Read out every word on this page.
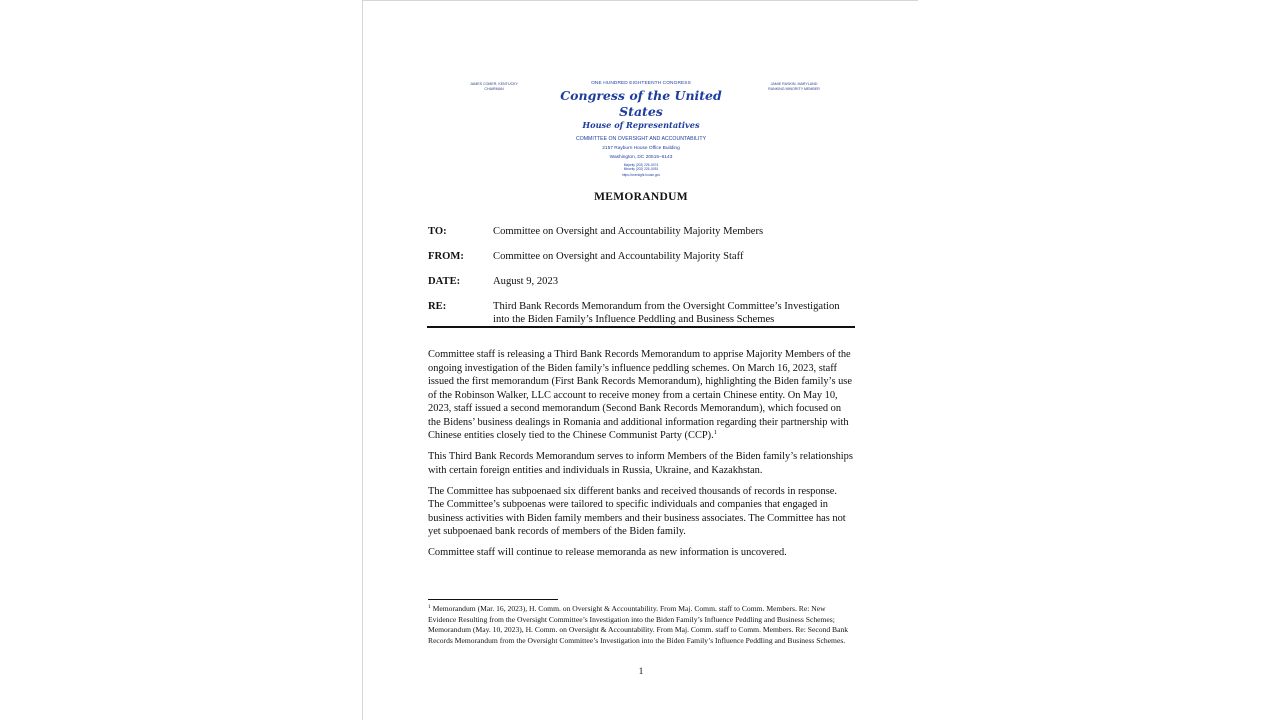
JAMES COMER, KENTUCKY
CHAIRMAN
ONE HUNDRED EIGHTEENTH CONGRESS
Congress of the United States
House of Representatives
COMMITTEE ON OVERSIGHT AND ACCOUNTABILITY
2157 Rayburn House Office Building
Washington, DC 20515–6143
Majority (202) 225–5074
Minority (202) 225–5051
https://oversight.house.gov
JAMIE RASKIN, MARYLAND
RANKING MINORITY MEMBER
MEMORANDUM
TO:	Committee on Oversight and Accountability Majority Members
FROM:	Committee on Oversight and Accountability Majority Staff
DATE:	August 9, 2023
RE:	Third Bank Records Memorandum from the Oversight Committee’s Investigation into the Biden Family’s Influence Peddling and Business Schemes

Committee staff is releasing a Third Bank Records Memorandum to apprise Majority Members of the ongoing investigation of the Biden family’s influence peddling schemes. On March 16, 2023, staff issued the first memorandum (First Bank Records Memorandum), highlighting the Biden family’s use of the Robinson Walker, LLC account to receive money from a certain Chinese entity. On May 10, 2023, staff issued a second memorandum (Second Bank Records Memorandum), which focused on the Bidens’ business dealings in Romania and additional information regarding their partnership with Chinese entities closely tied to the Chinese Communist Party (CCP).$^1$

This Third Bank Records Memorandum serves to inform Members of the Biden family’s relationships with certain foreign entities and individuals in Russia, Ukraine, and Kazakhstan.

The Committee has subpoenaed six different banks and received thousands of records in response. The Committee’s subpoenas were tailored to specific individuals and companies that engaged in business activities with Biden family members and their business associates. The Committee has not yet subpoenaed bank records of members of the Biden family.

Committee staff will continue to release memoranda as new information is uncovered.

$^1$ Memorandum (Mar. 16, 2023), H. Comm. on Oversight & Accountability. From Maj. Comm. staff to Comm. Members. Re: New Evidence Resulting from the Oversight Committee’s Investigation into the Biden Family’s Influence Peddling and Business Schemes; Memorandum (May. 10, 2023), H. Comm. on Oversight & Accountability. From Maj. Comm. staff to Comm. Members. Re: Second Bank Records Memorandum from the Oversight Committee’s Investigation into the Biden Family’s Influence Peddling and Business Schemes.
1
